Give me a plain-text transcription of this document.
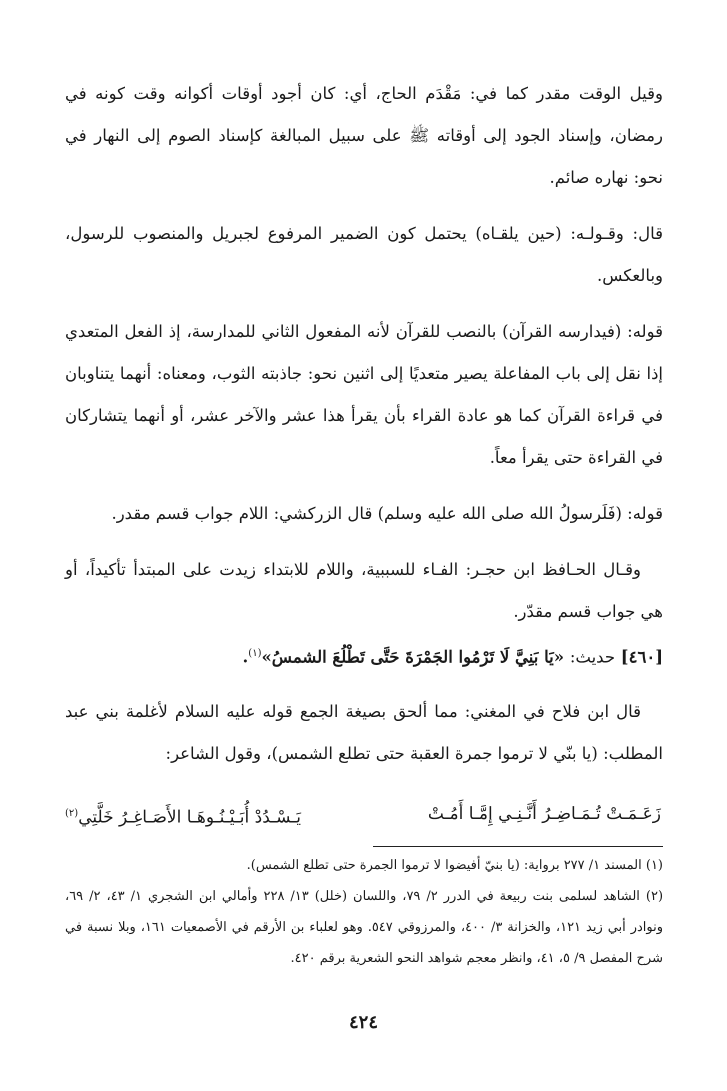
وقيل الوقت مقدر كما في: مَقْدَم الحاج، أي: كان أجود أوقات أكوانه وقت كونه في رمضان، وإسناد الجود إلى أوقاته ﷺ على سبيل المبالغة كإسناد الصوم إلى النهار في نحو: نهاره صائم.

قال: وقـولـه: (حين يلقـاه) يحتمل كون الضمير المرفوع لجبريل والمنصوب للرسول، وبالعكس.

قوله: (فيدارسه القرآن) بالنصب للقرآن لأنه المفعول الثاني للمدارسة، إذ الفعل المتعدي إذا نقل إلى باب المفاعلة يصير متعديًا إلى اثنين نحو: جاذبته الثوب، ومعناه: أنهما يتناوبان في قراءة القرآن كما هو عادة القراء بأن يقرأ هذا عشر والآخر عشر، أو أنهما يتشاركان في القراءة حتى يقرأ معاً.

قوله: (فَلَرسولُ الله صلى الله عليه وسلم) قال الزركشي: اللام جواب قسم مقدر.

وقـال الحـافظ ابن حجـر: الفـاء للسببية، واللام للابتداء زيدت على المبتدأ تأكيداً، أو هي جواب قسم مقدّر.

[٤٦٠] حديث: «يَا بَنِيَّ لَا تَرْمُوا الجَمْرَةَ حَتَّى تَطْلُعَ الشمسُ»$^{(١)}$.

قال ابن فلاح في المغني: مما ألحق بصيغة الجمع قوله عليه السلام لأغلمة بني عبد المطلب: (يا بنّي لا ترموا جمرة العقبة حتى تطلع الشمس)، وقول الشاعر:

زَعَـمَـتْ تُـمَـاضِـرُ أَنَّـنِـي إِمَّـا أَمُـتْ
يَـسْـدُدْ أُبَـيْـنُـوهَـا الأَصَـاغِـرُ خَلَّتِي$^{(٢)}$

(١) المسند ١/ ٢٧٧ برواية: (يا بنيّ أفيضوا لا ترموا الجمرة حتى تطلع الشمس).

(٢) الشاهد لسلمى بنت ربيعة في الدرر ٢/ ٧٩، واللسان (خلل) ١٣/ ٢٢٨ وأمالي ابن الشجري ١/ ٤٣، ٢/ ٦٩، ونوادر أبي زيد ١٢١، والخزانة ٣/ ٤٠٠، والمرزوقي ٥٤٧. وهو لعلباء بن الأرقم في الأصمعيات ١٦١، وبلا نسبة في شرح المفصل ٩/ ٥، ٤١، وانظر معجم شواهد النحو الشعرية برقم ٤٢٠.

٤٢٤
